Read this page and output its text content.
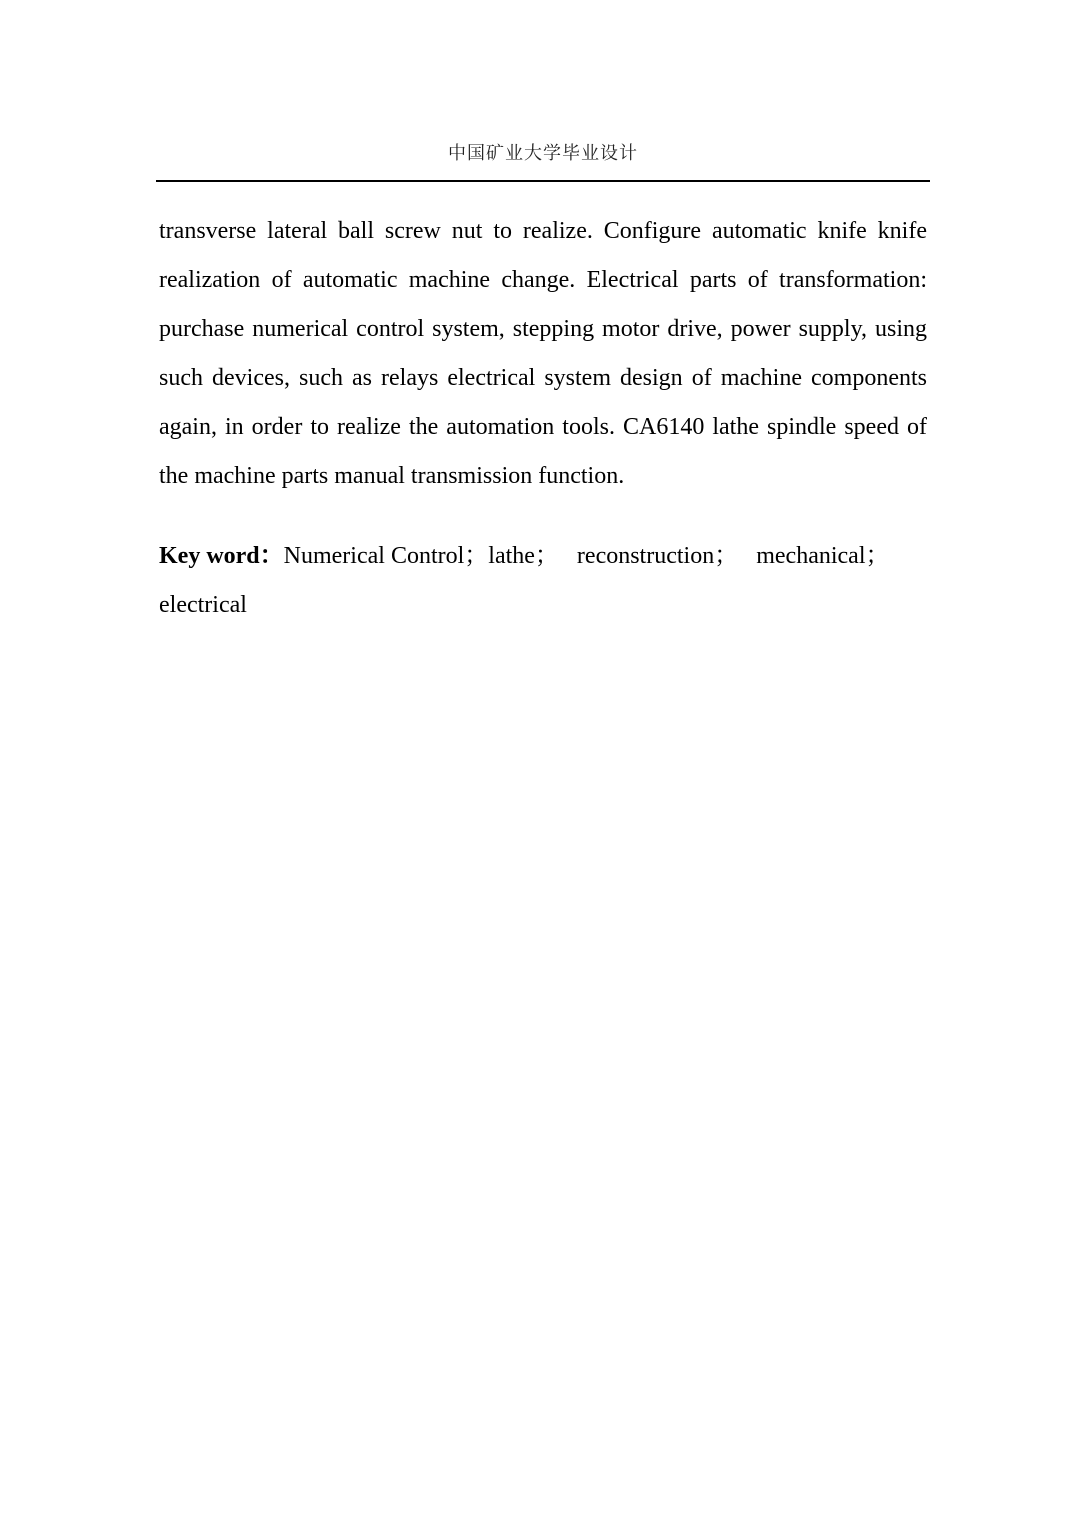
中国矿业大学毕业设计

transverse lateral ball screw nut to realize. Configure automatic knife knife realization of automatic machine change. Electrical parts of transformation: purchase numerical control system, stepping motor drive, power supply, using such devices, such as relays electrical system design of machine components again, in order to realize the automation tools. CA6140 lathe spindle speed of the machine parts manual transmission function.

Key word：Numerical Control；lathe； reconstruction； mechanical；
electrical
